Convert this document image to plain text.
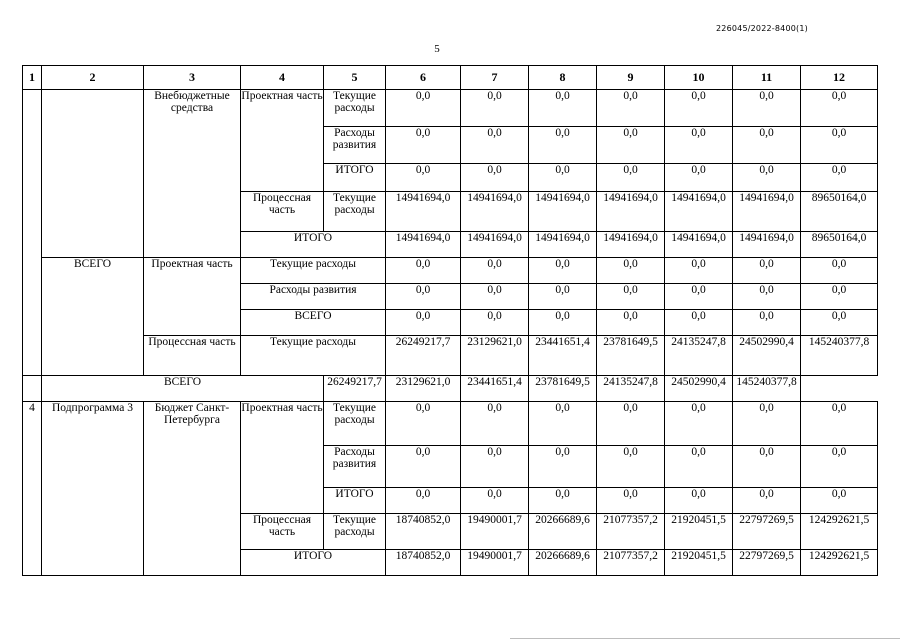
226045/2022-8400(1)
5
1	2	3	4	5	6	7	8	9	10	11	12
		Внебюджетные средства	Проектная часть	Текущие расходы	0,0	0,0	0,0	0,0	0,0	0,0	0,0
				Расходы развития	0,0	0,0	0,0	0,0	0,0	0,0	0,0
				ИТОГО	0,0	0,0	0,0	0,0	0,0	0,0	0,0
			Процессная часть	Текущие расходы	14941694,0	14941694,0	14941694,0	14941694,0	14941694,0	14941694,0	89650164,0
			ИТОГО		14941694,0	14941694,0	14941694,0	14941694,0	14941694,0	14941694,0	89650164,0
	ВСЕГО	Проектная часть	Текущие расходы		0,0	0,0	0,0	0,0	0,0	0,0	0,0
			Расходы развития		0,0	0,0	0,0	0,0	0,0	0,0	0,0
			ВСЕГО		0,0	0,0	0,0	0,0	0,0	0,0	0,0
		Процессная часть	Текущие расходы		26249217,7	23129621,0	23441651,4	23781649,5	24135247,8	24502990,4	145240377,8
	ВСЕГО			26249217,7	23129621,0	23441651,4	23781649,5	24135247,8	24502990,4	145240377,8	
4	Подпрограмма 3	Бюджет Санкт-Петербурга	Проектная часть	Текущие расходы	0,0	0,0	0,0	0,0	0,0	0,0	0,0
				Расходы развития	0,0	0,0	0,0	0,0	0,0	0,0	0,0
				ИТОГО	0,0	0,0	0,0	0,0	0,0	0,0	0,0
			Процессная часть	Текущие расходы	18740852,0	19490001,7	20266689,6	21077357,2	21920451,5	22797269,5	124292621,5
			ИТОГО		18740852,0	19490001,7	20266689,6	21077357,2	21920451,5	22797269,5	124292621,5
